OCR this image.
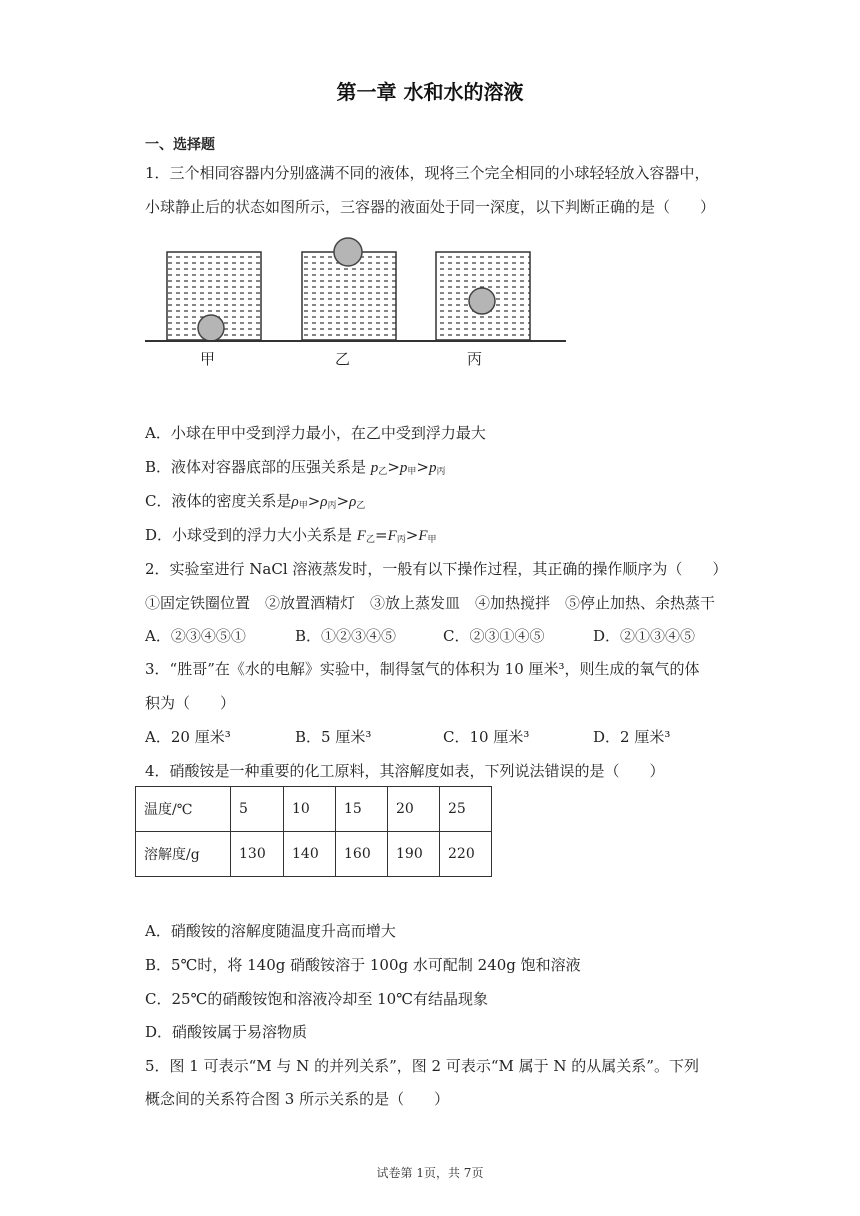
第一章 水和水的溶液
一、选择题
1．三个相同容器内分别盛满不同的液体，现将三个完全相同的小球轻轻放入容器中，
小球静止后的状态如图所示，三容器的液面处于同一深度，以下判断正确的是（　　）
甲	乙	丙
A．小球在甲中受到浮力最小，在乙中受到浮力最大
B．液体对容器底部的压强关系是 $p_乙>p_甲>p_丙$
C．液体的密度关系是$\rho_甲>\rho_丙>\rho_乙$
D．小球受到的浮力大小关系是 $F_乙=F_丙>F_甲$
2．实验室进行 NaCl 溶液蒸发时，一般有以下操作过程，其正确的操作顺序为（　　）
①固定铁圈位置　②放置酒精灯　③放上蒸发皿　④加热搅拌　⑤停止加热、余热蒸干
A．②③④⑤①	B．①②③④⑤	C．②③①④⑤	D．②①③④⑤
3．“胜哥”在《水的电解》实验中，制得氢气的体积为 10 厘米³，则生成的氧气的体
积为（　　）
A．20 厘米³	B．5 厘米³	C．10 厘米³	D．2 厘米³
4．硝酸铵是一种重要的化工原料，其溶解度如表，下列说法错误的是（　　）
温度/℃	5	10	15	20	25
溶解度/g	130	140	160	190	220
A．硝酸铵的溶解度随温度升高而增大
B．5℃时，将 140g 硝酸铵溶于 100g 水可配制 240g 饱和溶液
C．25℃的硝酸铵饱和溶液冷却至 10℃有结晶现象
D．硝酸铵属于易溶物质
5．图 1 可表示“M 与 N 的并列关系”，图 2 可表示“M 属于 N 的从属关系”。下列
概念间的关系符合图 3 所示关系的是（　　）
试卷第 1页，共 7页
